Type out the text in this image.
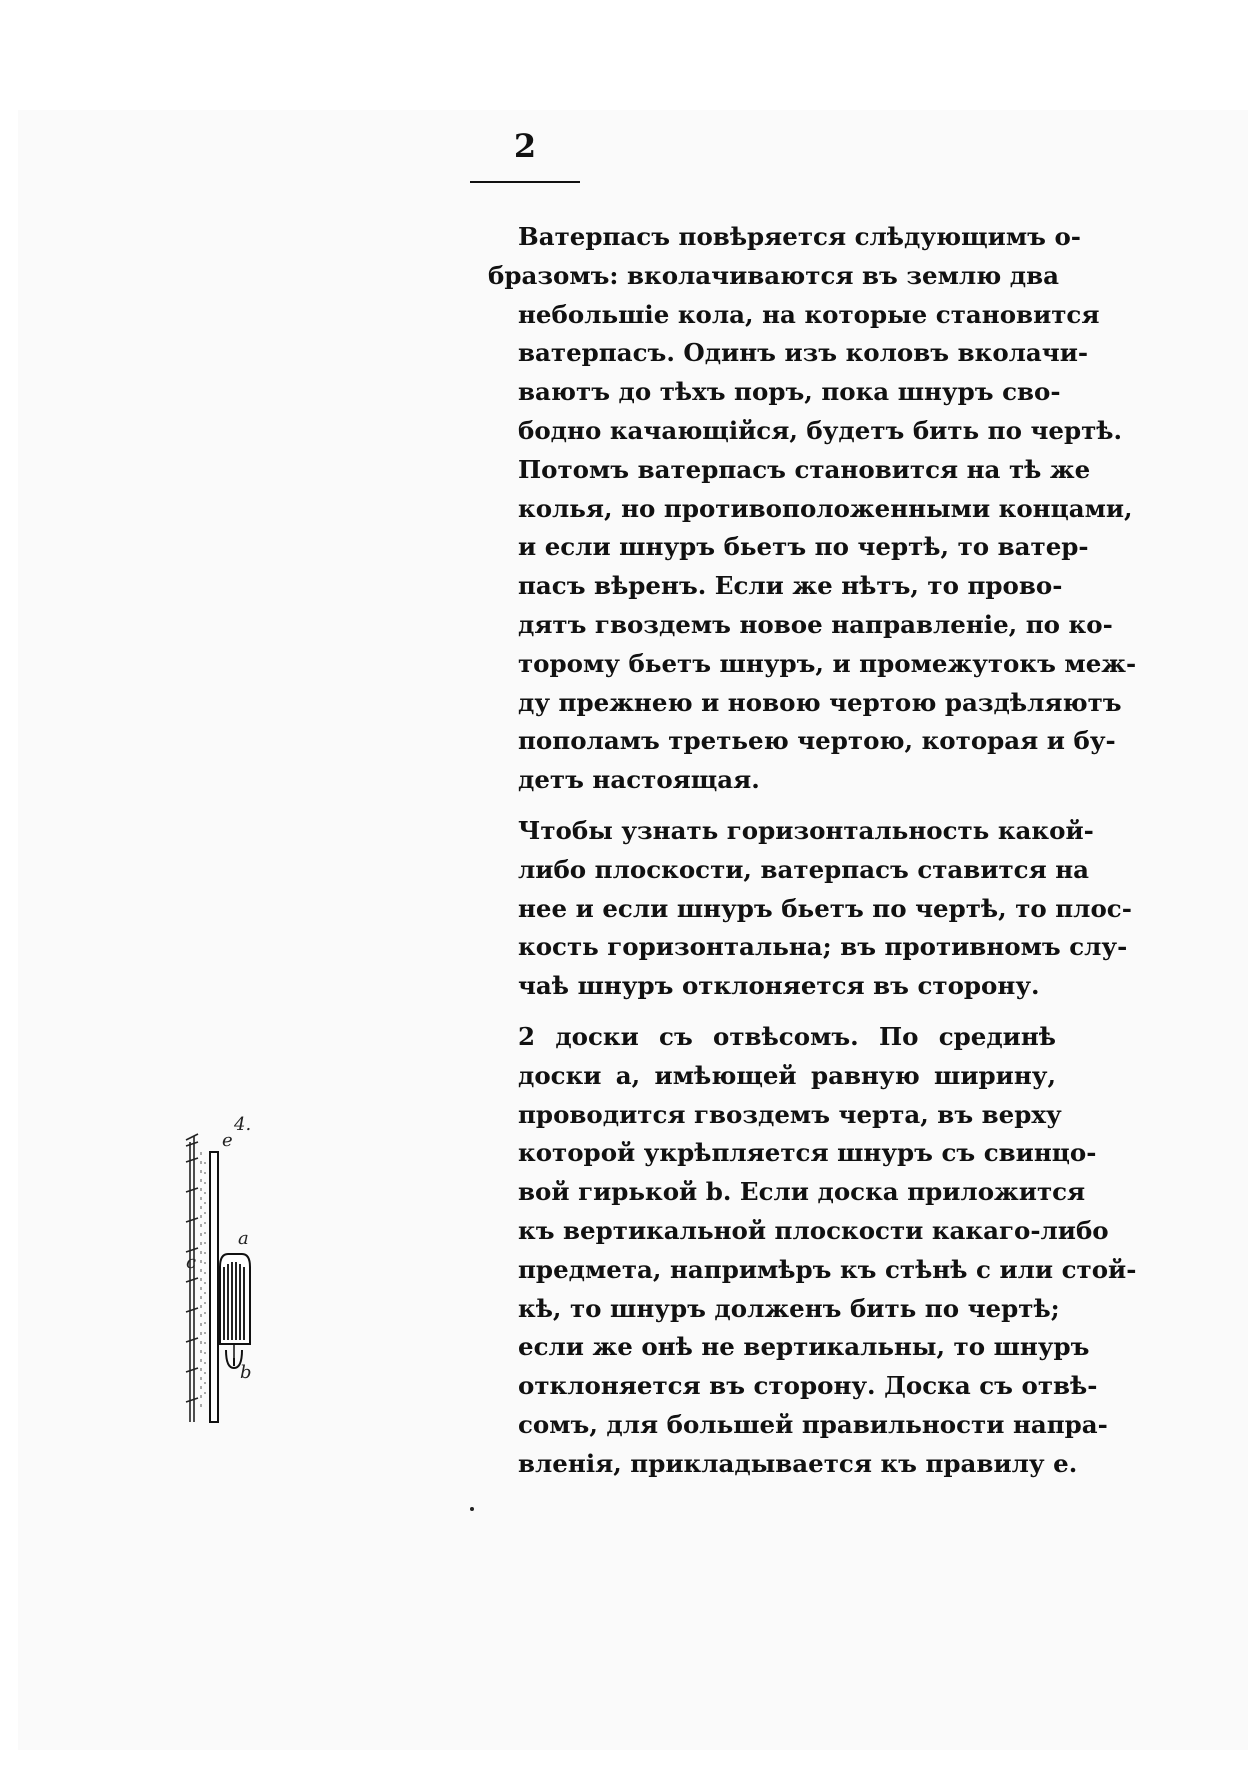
2

Ватерпасъ повѣряется слѣдующимъ о-
бразомъ: вколачиваются въ землю два
небольшіе кола, на которые становится
ватерпасъ. Одинъ изъ коловъ вколачи-
ваютъ до тѣхъ поръ, пока шнуръ сво-
бодно качающійся, будетъ бить по чертѣ.
Потомъ ватерпасъ становится на тѣ же
колья, но противоположенными концами,
и если шнуръ бьетъ по чертѣ, то ватер-
пасъ вѣренъ. Если же нѣтъ, то прово-
дятъ гвоздемъ новое направленіе, по ко-
торому бьетъ шнуръ, и промежутокъ меж-
ду прежнею и новою чертою раздѣляютъ
пополамъ третьею чертою, которая и бу-
детъ настоящая.

Чтобы узнать горизонтальность какой-
либо плоскости, ватерпасъ ставится на
нее и если шнуръ бьетъ по чертѣ, то плос-
кость горизонтальна; въ противномъ слу-
чаѣ шнуръ отклоняется въ сторону.

2 доски съ отвѣсомъ. По срединѣ
доски a, имѣющей равную ширину,
проводится гвоздемъ черта, въ верху
которой укрѣпляется шнуръ съ свинцо-
вой гирькой b. Если доска приложится
къ вертикальной плоскости какаго-либо
предмета, напримѣръ къ стѣнѣ c или стой-
кѣ, то шнуръ долженъ бить по чертѣ;
если же онѣ не вертикальны, то шнуръ
отклоняется въ сторону. Доска съ отвѣ-
сомъ, для большей правильности напра-
вленія, прикладывается къ правилу e.

4.
e
a
c
b
